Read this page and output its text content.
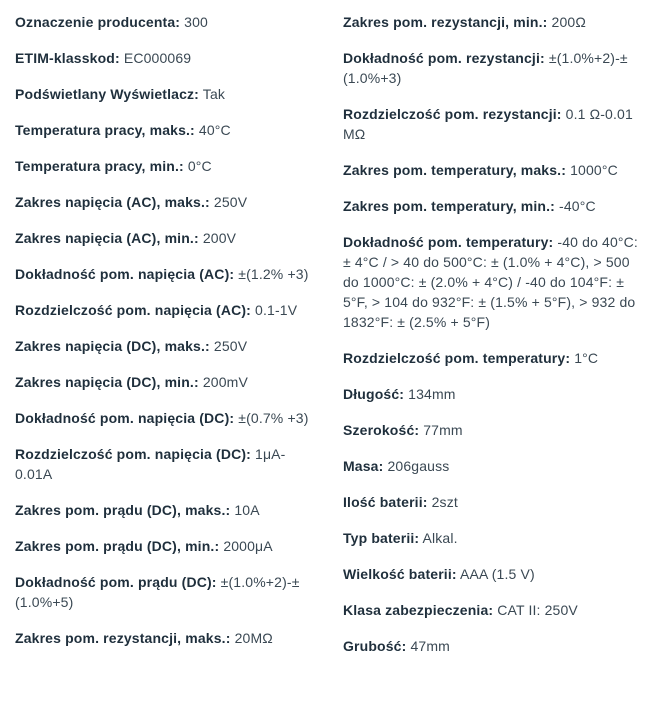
Oznaczenie producenta: 300
ETIM-klasskod: EC000069
Podświetlany Wyświetlacz: Tak
Temperatura pracy, maks.: 40°C
Temperatura pracy, min.: 0°C
Zakres napięcia (AC), maks.: 250V
Zakres napięcia (AC), min.: 200V
Dokładność pom. napięcia (AC): ±(1.2% +3)
Rozdzielczość pom. napięcia (AC): 0.1-1V
Zakres napięcia (DC), maks.: 250V
Zakres napięcia (DC), min.: 200mV
Dokładność pom. napięcia (DC): ±(0.7% +3)
Rozdzielczość pom. napięcia (DC): 1μA-0.01A
Zakres pom. prądu (DC), maks.: 10A
Zakres pom. prądu (DC), min.: 2000μA
Dokładność pom. prądu (DC): ±(1.0%+2)-±(1.0%+5)
Zakres pom. rezystancji, maks.: 20MΩ
Zakres pom. rezystancji, min.: 200Ω
Dokładność pom. rezystancji: ±(1.0%+2)-±(1.0%+3)
Rozdzielczość pom. rezystancji: 0.1 Ω-0.01 MΩ
Zakres pom. temperatury, maks.: 1000°C
Zakres pom. temperatury, min.: -40°C
Dokładność pom. temperatury: -40 do 40°C: ± 4°C / > 40 do 500°C: ± (1.0% + 4°C), > 500 do 1000°C: ± (2.0% + 4°C) / -40 do 104°F: ± 5°F, > 104 do 932°F: ± (1.5% + 5°F), > 932 do 1832°F: ± (2.5% + 5°F)
Rozdzielczość pom. temperatury: 1°C
Długość: 134mm
Szerokość: 77mm
Masa: 206gauss
Ilość baterii: 2szt
Typ baterii: Alkal.
Wielkość baterii: AAA (1.5 V)
Klasa zabezpieczenia: CAT II: 250V
Grubość: 47mm
